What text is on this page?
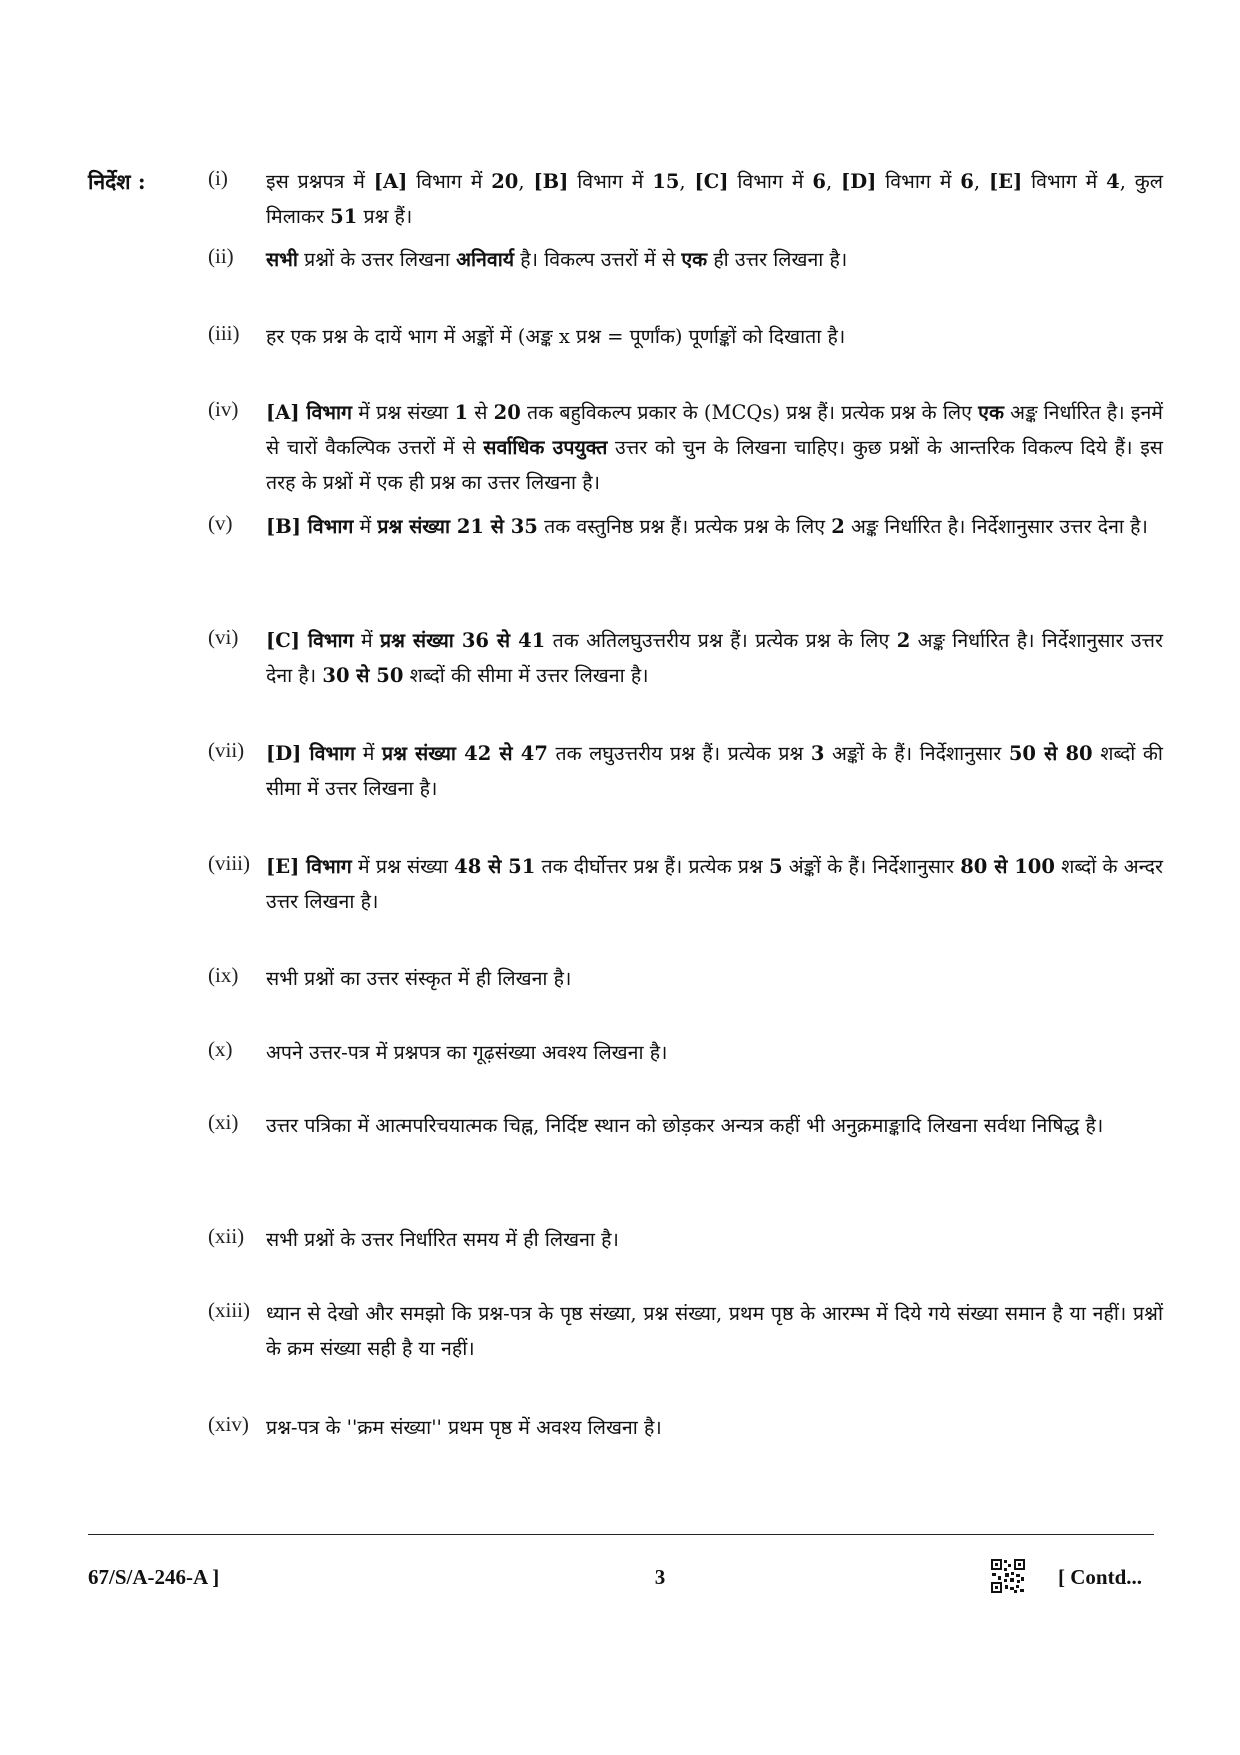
निर्देश :	(i)	इस प्रश्नपत्र में [A] विभाग में 20, [B] विभाग में 15, [C] विभाग में 6, [D] विभाग में 6, [E] विभाग में 4, कुल मिलाकर 51 प्रश्न हैं।
(ii)	सभी प्रश्नों के उत्तर लिखना अनिवार्य है। विकल्प उत्तरों में से एक ही उत्तर लिखना है।
(iii)	हर एक प्रश्न के दायें भाग में अङ्कों में (अङ्क x प्रश्न = पूर्णांक) पूर्णाङ्कों को दिखाता है।
(iv)	[A] विभाग में प्रश्न संख्या 1 से 20 तक बहुविकल्प प्रकार के (MCQs) प्रश्न हैं। प्रत्येक प्रश्न के लिए एक अङ्क निर्धारित है। इनमें से चारों वैकल्पिक उत्तरों में से सर्वाधिक उपयुक्त उत्तर को चुन के लिखना चाहिए। कुछ प्रश्नों के आन्तरिक विकल्प दिये हैं। इस तरह के प्रश्नों में एक ही प्रश्न का उत्तर लिखना है।
(v)	[B] विभाग में प्रश्न संख्या 21 से 35 तक वस्तुनिष्ठ प्रश्न हैं। प्रत्येक प्रश्न के लिए 2 अङ्क निर्धारित है। निर्देशानुसार उत्तर देना है।
(vi)	[C] विभाग में प्रश्न संख्या 36 से 41 तक अतिलघुउत्तरीय प्रश्न हैं। प्रत्येक प्रश्न के लिए 2 अङ्क निर्धारित है। निर्देशानुसार उत्तर देना है। 30 से 50 शब्दों की सीमा में उत्तर लिखना है।
(vii)	[D] विभाग में प्रश्न संख्या 42 से 47 तक लघुउत्तरीय प्रश्न हैं। प्रत्येक प्रश्न 3 अङ्कों के हैं। निर्देशानुसार 50 से 80 शब्दों की सीमा में उत्तर लिखना है।
(viii) [E] विभाग में प्रश्न संख्या 48 से 51 तक दीर्घोत्तर प्रश्न हैं। प्रत्येक प्रश्न 5 अंङ्कों के हैं। निर्देशानुसार 80 से 100 शब्दों के अन्दर उत्तर लिखना है।
(ix)	सभी प्रश्नों का उत्तर संस्कृत में ही लिखना है।
(x)	अपने उत्तर-पत्र में प्रश्नपत्र का गूढ़संख्या अवश्य लिखना है।
(xi)	उत्तर पत्रिका में आत्मपरिचयात्मक चिह्न, निर्दिष्ट स्थान को छोड़कर अन्यत्र कहीं भी अनुक्रमाङ्कादि लिखना सर्वथा निषिद्ध है।
(xii)	सभी प्रश्नों के उत्तर निर्धारित समय में ही लिखना है।
(xiii) ध्यान से देखो और समझो कि प्रश्न-पत्र के पृष्ठ संख्या, प्रश्न संख्या, प्रथम पृष्ठ के आरम्भ में दिये गये संख्या समान है या नहीं। प्रश्नों के क्रम संख्या सही है या नहीं।
(xiv) प्रश्न-पत्र के ''क्रम संख्या'' प्रथम पृष्ठ में अवश्य लिखना है।
67/S/A-246-A ]	3	[ Contd...
